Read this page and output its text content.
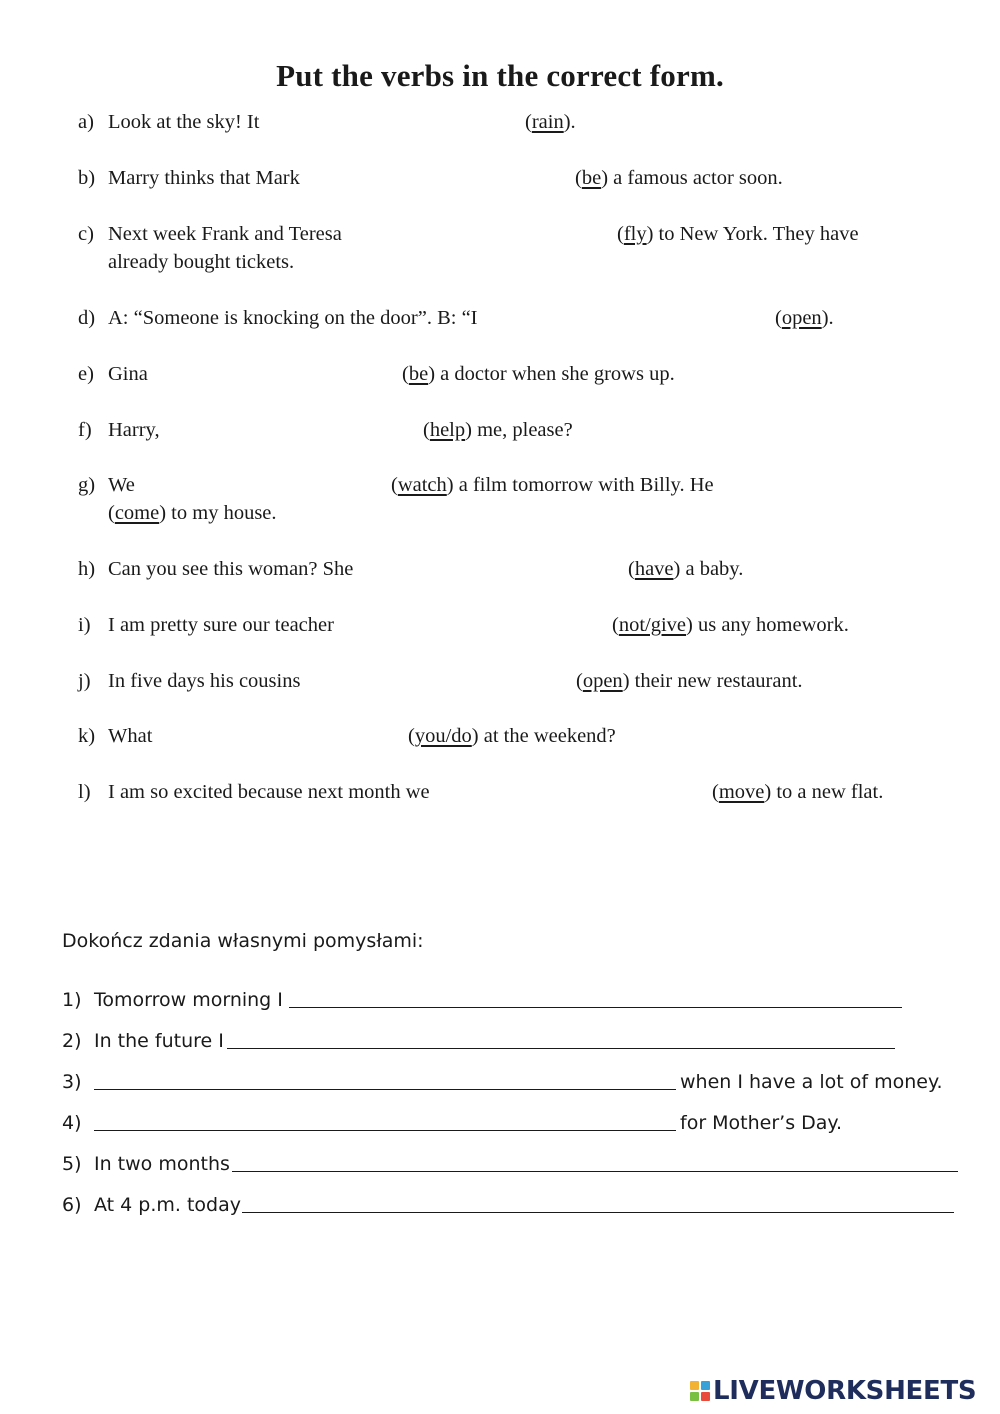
Put the verbs in the correct form.
a) Look at the sky! It	(rain).
b) Marry thinks that Mark	(be) a famous actor soon.
c) Next week Frank and Teresa	(fly) to New York. They have
already bought tickets.
d) A: “Someone is knocking on the door”. B: “I	(open).
e) Gina	(be) a doctor when she grows up.
f) Harry,	(help) me, please?
g) We	(watch) a film tomorrow with Billy. He
(come) to my house.
h) Can you see this woman? She	(have) a baby.
i) I am pretty sure our teacher	(not/give) us any homework.
j) In five days his cousins	(open) their new restaurant.
k) What	(you/do) at the weekend?
l) I am so excited because next month we	(move) to a new flat.
Dokończ zdania własnymi pomysłami:
1) Tomorrow morning I
2) In the future I
3)	when I have a lot of money.
4)	for Mother’s Day.
5) In two months
6) At 4 p.m. today
LIVEWORKSHEETS
